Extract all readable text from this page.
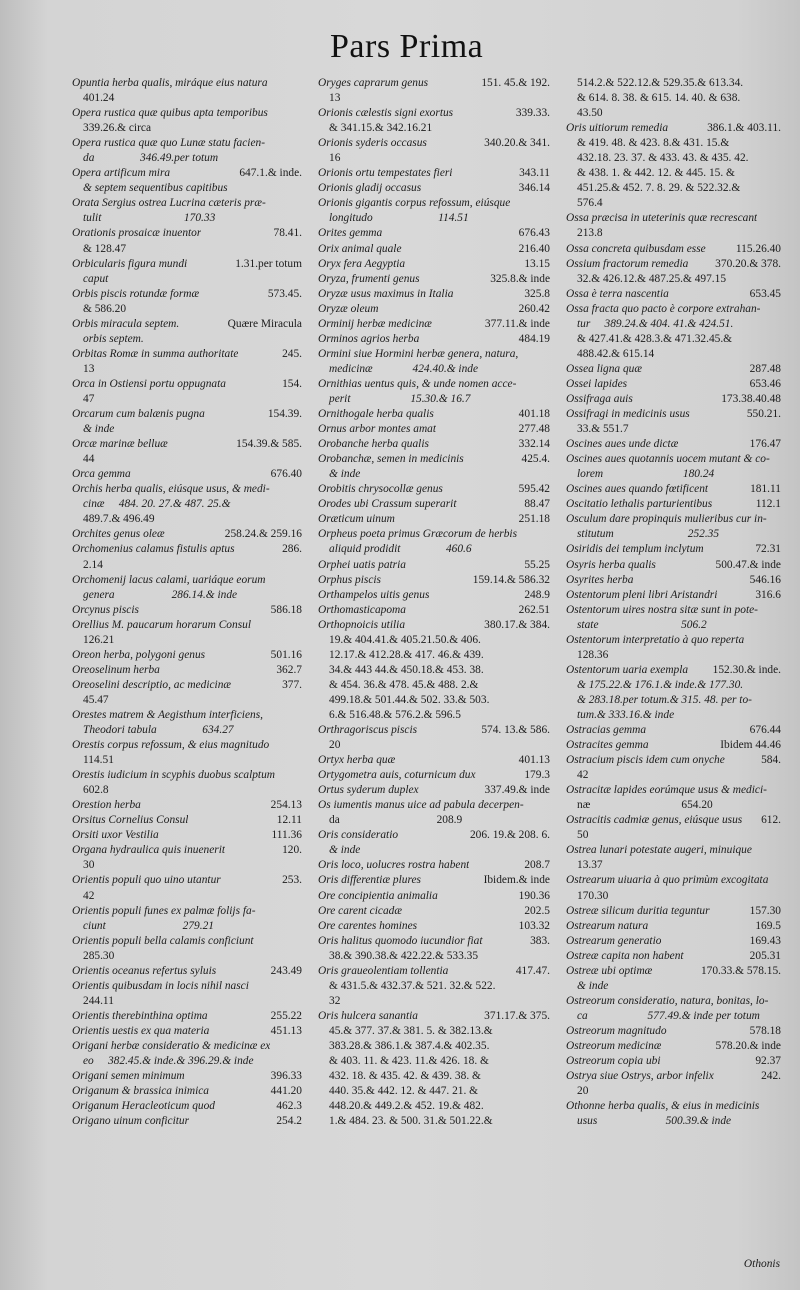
Pars Prima
Opuntia herba qualis, miráque eius natura
401.24
Opera rustica quæ quibus apta temporibus
339.26.& circa
Opera rustica quæ quo Lunæ statu facien-
da                346.49.per totum
Opera artificum mira	647.1.& inde.
& septem sequentibus capitibus
Orata Sergius ostrea Lucrina cæteris præ-
tulit                             170.33
Orationis prosaicæ inuentor	78.41.
& 128.47
Orbicularis figura mundi	1.31.per totum
caput
Orbis piscis rotundæ formæ	573.45.
& 586.20
Orbis miracula septem.	Quære Miracula
orbis septem.
Orbitas Romæ in summa authoritate	245.
13
Orca in Ostiensi portu oppugnata	154.
47
Orcarum cum balænis pugna	154.39.
& inde
Orcæ marinæ belluæ	154.39.& 585.
44
Orca gemma	676.40
Orchis herba qualis, eiúsque usus, & medi-
cinæ     484. 20. 27.& 487. 25.&
489.7.& 496.49
Orchites genus oleæ	258.24.& 259.16
Orchomenius calamus fistulis aptus	286.
2.14
Orchomenij lacus calami, uariáque eorum
genera                    286.14.& inde
Orcynus piscis	586.18
Orellius M. paucarum horarum Consul
126.21
Oreon herba, polygoni genus	501.16
Oreoselinum herba	362.7
Oreoselini descriptio, ac medicinæ	377.
45.47
Orestes matrem & Aegisthum interficiens,
Theodori tabula                634.27
Orestis corpus refossum, & eius magnitudo
114.51
Orestis iudicium in scyphis duobus scalptum
602.8
Orestion herba	254.13
Orsitus Cornelius Consul	12.11
Orsiti uxor Vestilia	111.36
Organa hydraulica quis inuenerit	120.
30
Orientis populi quo uino utantur	253.
42
Orientis populi funes ex palmæ folijs fa-
ciunt                           279.21
Orientis populi bella calamis conficiunt
285.30
Orientis oceanus refertus syluis	243.49
Orientis quibusdam in locis nihil nasci
244.11
Orientis therebinthina optima	255.22
Orientis uestis ex qua materia	451.13
Origani herbæ consideratio & medicinæ ex
eo     382.45.& inde.& 396.29.& inde
Origani semen minimum	396.33
Origanum & brassica inimica	441.20
Origanum Heracleoticum quod	462.3
Origano uinum conficitur	254.2
Oryges caprarum genus	151. 45.& 192.
13
Orionis cælestis signi exortus	339.33.
& 341.15.& 342.16.21
Orionis syderis occasus	340.20.& 341.
16
Orionis ortu tempestates fieri	343.11
Orionis gladij occasus	346.14
Orionis gigantis corpus refossum, eiúsque
longitudo                       114.51
Orites gemma	676.43
Orix animal quale	216.40
Oryx fera Aegyptia	13.15
Oryza, frumenti genus	325.8.& inde
Oryzæ usus maximus in Italia	325.8
Oryzæ oleum	260.42
Orminij herbæ medicinæ	377.11.& inde
Orminos agrios herba	484.19
Ormini siue Hormini herbæ genera, natura,
medicinæ              424.40.& inde
Ornithias uentus quis, & unde nomen acce-
perit                     15.30.& 16.7
Ornithogale herba qualis	401.18
Ornus arbor montes amat	277.48
Orobanche herba qualis	332.14
Orobanchæ, semen in medicinis	425.4.
& inde
Orobitis chrysocollæ genus	595.42
Orodes ubi Crassum superarit	88.47
Oræticum uinum	251.18
Orpheus poeta primus Græcorum de herbis
aliquid prodidit                460.6
Orphei uatis patria	55.25
Orphus piscis	159.14.& 586.32
Orthampelos uitis genus	248.9
Orthomasticapoma	262.51
Orthopnoicis utilia	380.17.& 384.
19.& 404.41.& 405.21.50.& 406.
12.17.& 412.28.& 417. 46.& 439.
34.& 443 44.& 450.18.& 453. 38.
& 454. 36.& 478. 45.& 488. 2.&
499.18.& 501.44.& 502. 33.& 503.
6.& 516.48.& 576.2.& 596.5
Orthragoriscus piscis	574. 13.& 586.
20
Ortyx herba quæ	401.13
Ortygometra auis, coturnicum dux	179.3
Ortus syderum duplex	337.49.& inde
Os iumentis manus uice ad pabula decerpen-
da                                  208.9
Oris consideratio	206. 19.& 208. 6.
& inde
Oris loco, uolucres rostra habent	208.7
Oris differentiæ plures	Ibidem.& inde
Ore concipientia animalia	190.36
Ore carent cicadæ	202.5
Ore carentes homines	103.32
Oris halitus quomodo iucundior fiat	383.
38.& 390.38.& 422.22.& 533.35
Oris graueolentiam tollentia	417.47.
& 431.5.& 432.37.& 521. 32.& 522.
32
Oris hulcera sanantia	371.17.& 375.
45.& 377. 37.& 381. 5. & 382.13.&
383.28.& 386.1.& 387.4.& 402.35.
& 403. 11. & 423. 11.& 426. 18. &
432. 18. & 435. 42. & 439. 38. &
440. 35.& 442. 12. & 447. 21. &
448.20.& 449.2.& 452. 19.& 482.
1.& 484. 23. & 500. 31.& 501.22.&
514.2.& 522.12.& 529.35.& 613.34.
& 614. 8. 38. & 615. 14. 40. & 638.
43.50
Oris uitiorum remedia	386.1.& 403.11.
& 419. 48. & 423. 8.& 431. 15.&
432.18. 23. 37. & 433. 43. & 435. 42.
& 438. 1. & 442. 12. & 445. 15. &
451.25.& 452. 7. 8. 29. & 522.32.&
576.4
Ossa præcisa in uteterinis quæ recrescant
213.8
Ossa concreta quibusdam esse	115.26.40
Ossium fractorum remedia	370.20.& 378.
32.& 426.12.& 487.25.& 497.15
Ossa è terra nascentia	653.45
Ossa fracta quo pacto è corpore extrahan-
tur     389.24.& 404. 41.& 424.51.
& 427.41.& 428.3.& 471.32.45.&
488.42.& 615.14
Ossea ligna quæ	287.48
Ossei lapides	653.46
Ossifraga auis	173.38.40.48
Ossifragi in medicinis usus	550.21.
33.& 551.7
Oscines aues unde dictæ	176.47
Oscines aues quotannis uocem mutant & co-
lorem                            180.24
Oscines aues quando fœtificent	181.11
Oscitatio lethalis parturientibus	112.1
Osculum dare propinquis mulieribus cur in-
stitutum                          252.35
Osiridis dei templum inclytum	72.31
Osyris herba qualis	500.47.& inde
Osyrites herba	546.16
Ostentorum pleni libri Aristandri	316.6
Ostentorum uires nostra sitæ sunt in pote-
state                             506.2
Ostentorum interpretatio à quo reperta
128.36
Ostentorum uaria exempla	152.30.& inde.
& 175.22.& 176.1.& inde.& 177.30.
& 283.18.per totum.& 315. 48. per to-
tum.& 333.16.& inde
Ostracias gemma	676.44
Ostracites gemma	Ibidem 44.46
Ostracium piscis idem cum onyche	584.
42
Ostracitæ lapides eorúmque usus & medici-
næ                                654.20
Ostracitis cadmiæ genus, eiúsque usus	612.
50
Ostrea lunari potestate augeri, minuique
13.37
Ostrearum uiuaria à quo primùm excogitata
170.30
Ostreæ silicum duritia teguntur	157.30
Ostrearum natura	169.5
Ostrearum generatio	169.43
Ostreæ capita non habent	205.31
Ostreæ ubi optimæ	170.33.& 578.15.
& inde
Ostreorum consideratio, natura, bonitas, lo-
ca                     577.49.& inde per totum
Ostreorum magnitudo	578.18
Ostreorum medicinæ	578.20.& inde
Ostreorum copia ubi	92.37
Ostrya siue Ostrys, arbor infelix	242.
20
Othonne herba qualis, & eius in medicinis
usus                        500.39.& inde
Othonis
